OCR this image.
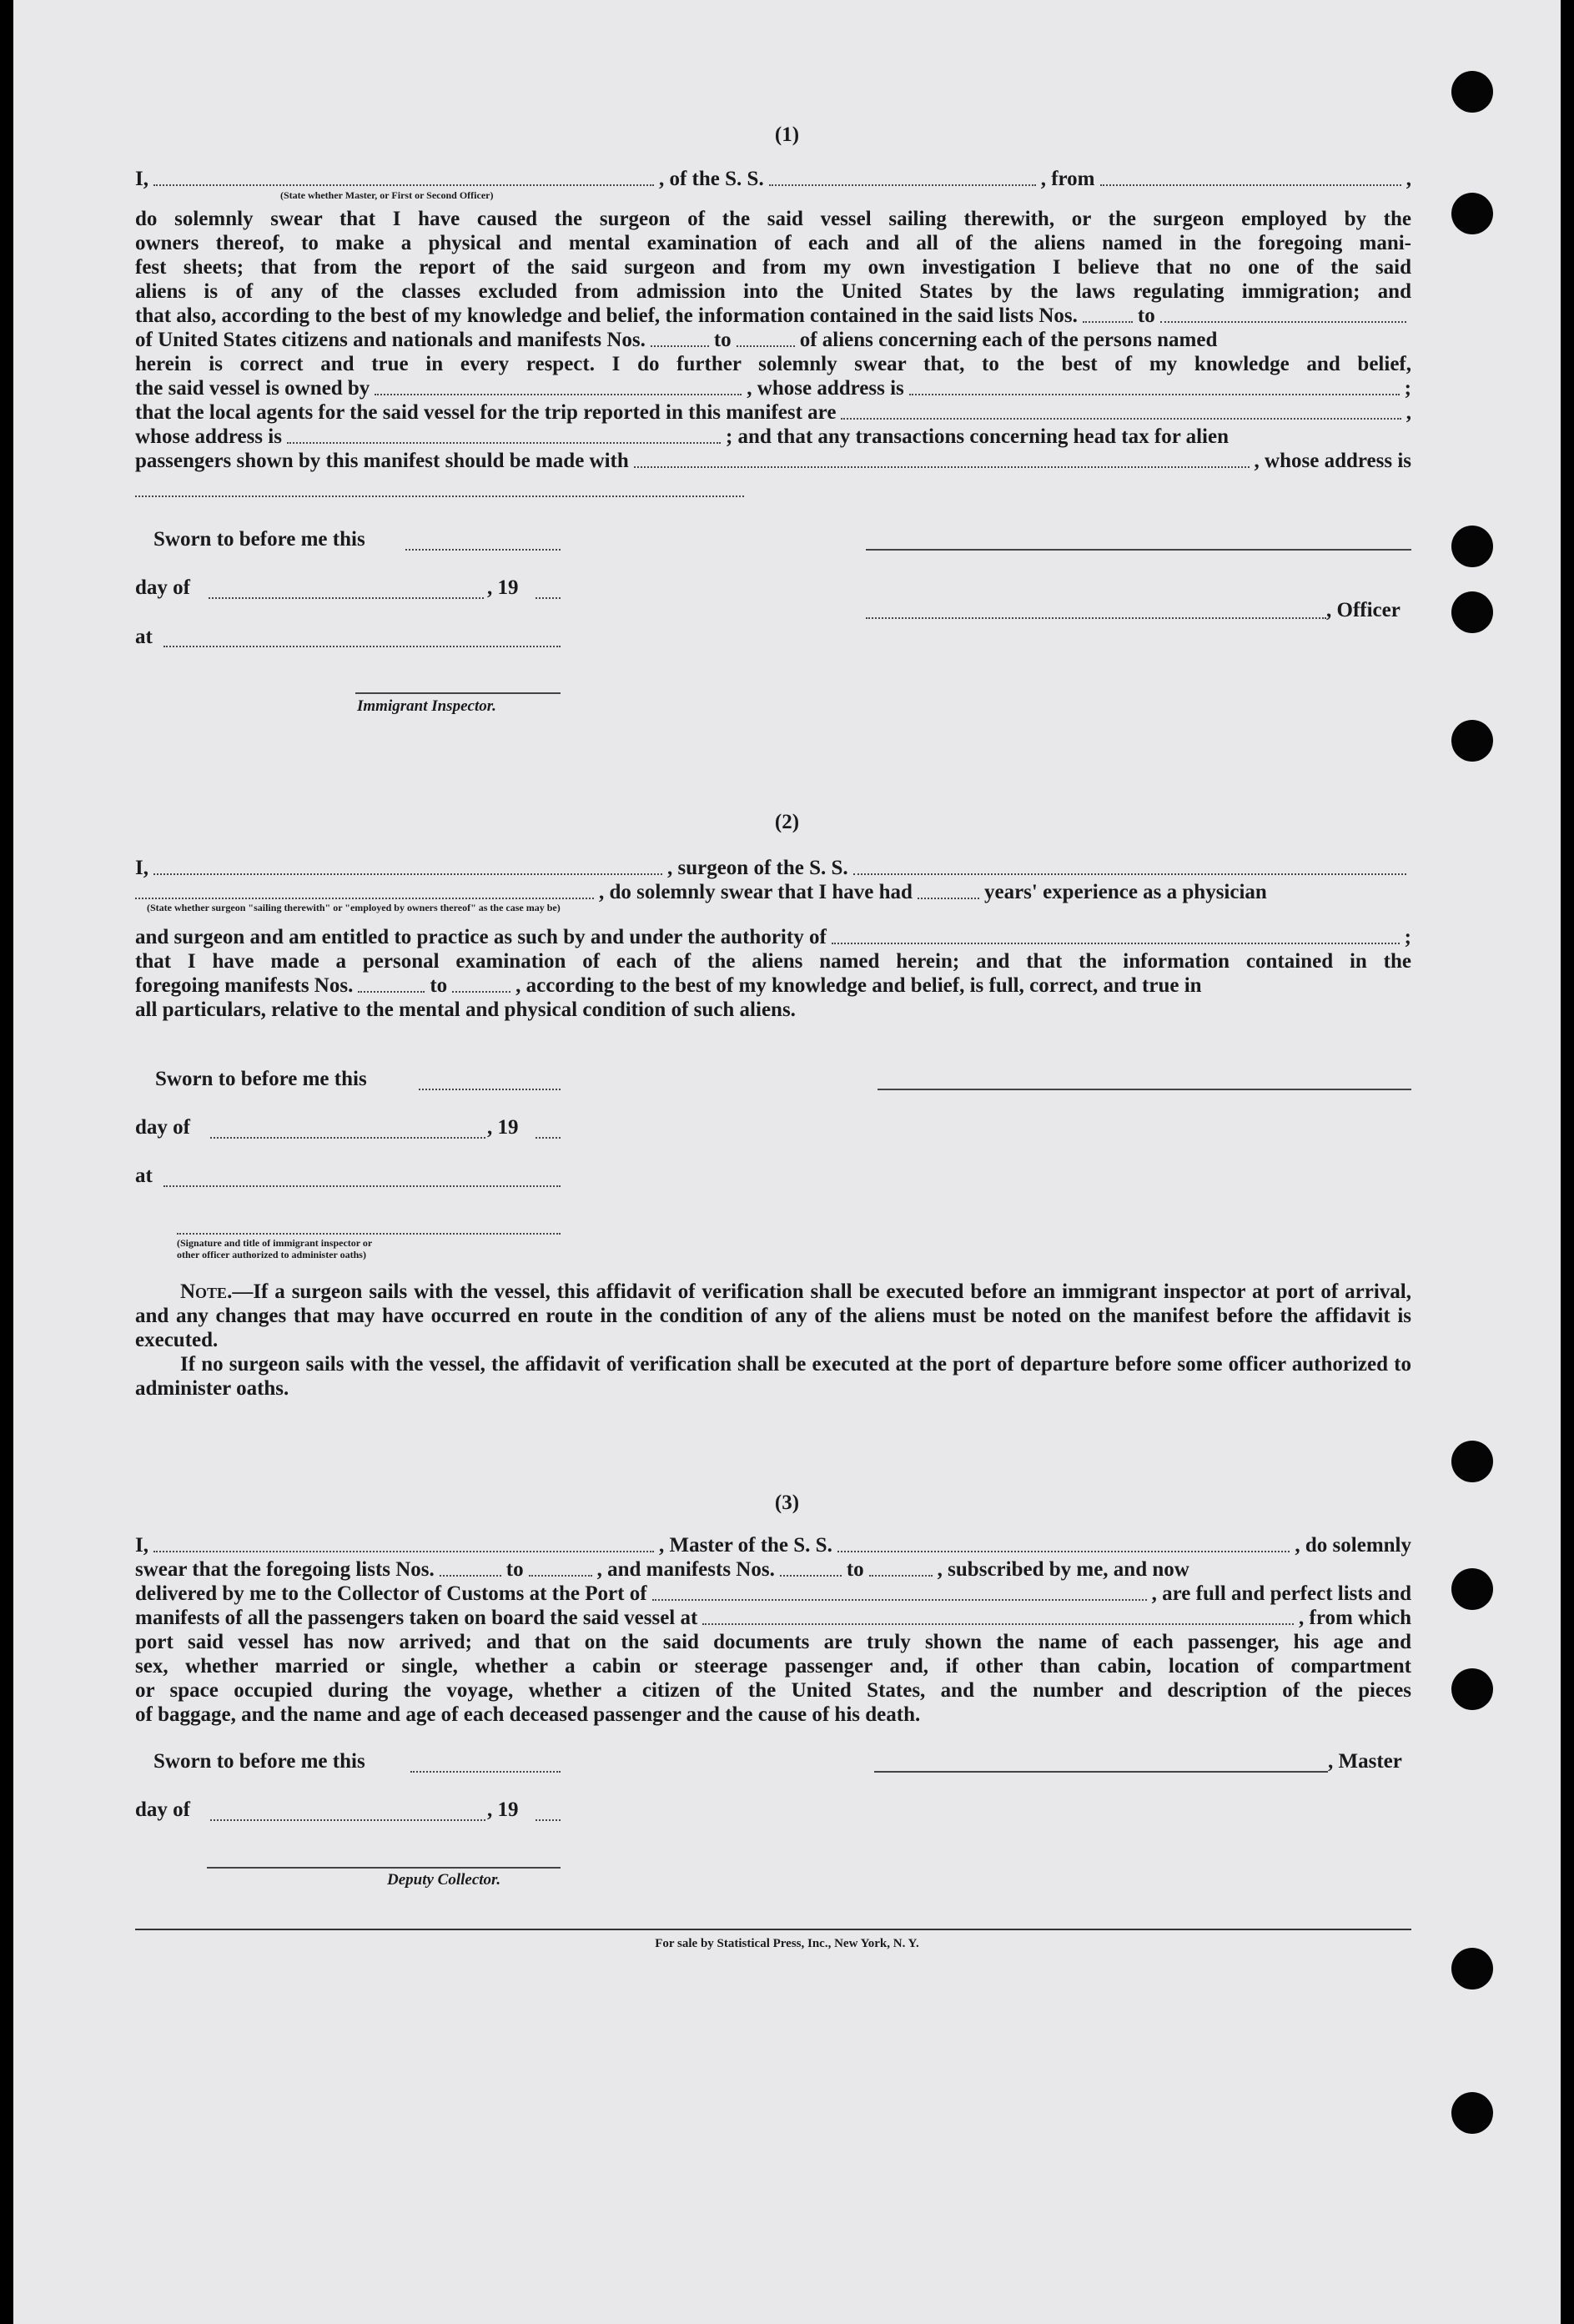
(1)
I,	, of the S. S.	, from	,
(State whether Master, or First or Second Officer)
do solemnly swear that I have caused the surgeon of the said vessel sailing therewith, or the surgeon employed by the
owners thereof, to make a physical and mental examination of each and all of the aliens named in the foregoing mani-
fest sheets; that from the report of the said surgeon and from my own investigation I believe that no one of the said
aliens is of any of the classes excluded from admission into the United States by the laws regulating immigration; and
that also, according to the best of my knowledge and belief, the information contained in the said lists Nos.	to
of United States citizens and nationals and manifests Nos.	to	of aliens concerning each of the persons named
herein is correct and true in every respect. I do further solemnly swear that, to the best of my knowledge and belief,
the said vessel is owned by	, whose address is	;
that the local agents for the said vessel for the trip reported in this manifest are	,
whose address is	; and that any transactions concerning head tax for alien
passengers shown by this manifest should be made with	, whose address is
Sworn to before me this
day of	, 19
, Officer
at
Immigrant Inspector.
(2)
I,	, surgeon of the S. S.
, do solemnly swear that I have had	years' experience as a physician
(State whether surgeon "sailing therewith" or "employed by owners thereof" as the case may be)
and surgeon and am entitled to practice as such by and under the authority of	;
that I have made a personal examination of each of the aliens named herein; and that the information contained in the
foregoing manifests Nos.	to	, according to the best of my knowledge and belief, is full, correct, and true in
all particulars, relative to the mental and physical condition of such aliens.
Sworn to before me this
day of	, 19
at
(Signature and title of immigrant inspector or
other officer authorized to administer oaths)
Note.—If a surgeon sails with the vessel, this affidavit of verification shall be executed before an immigrant inspector at port of arrival, and any changes that may have occurred en route in the condition of any of the aliens must be noted on the manifest before the affidavit is executed.
If no surgeon sails with the vessel, the affidavit of verification shall be executed at the port of departure before some officer authorized to administer oaths.
(3)
I,	, Master of the S. S.	, do solemnly
swear that the foregoing lists Nos.	to	, and manifests Nos.	to	, subscribed by me, and now
delivered by me to the Collector of Customs at the Port of	, are full and perfect lists and
manifests of all the passengers taken on board the said vessel at	, from which
port said vessel has now arrived; and that on the said documents are truly shown the name of each passenger, his age and
sex, whether married or single, whether a cabin or steerage passenger and, if other than cabin, location of compartment
or space occupied during the voyage, whether a citizen of the United States, and the number and description of the pieces
of baggage, and the name and age of each deceased passenger and the cause of his death.
Sworn to before me this	, Master
day of	, 19
Deputy Collector.
For sale by Statistical Press, Inc., New York, N. Y.
